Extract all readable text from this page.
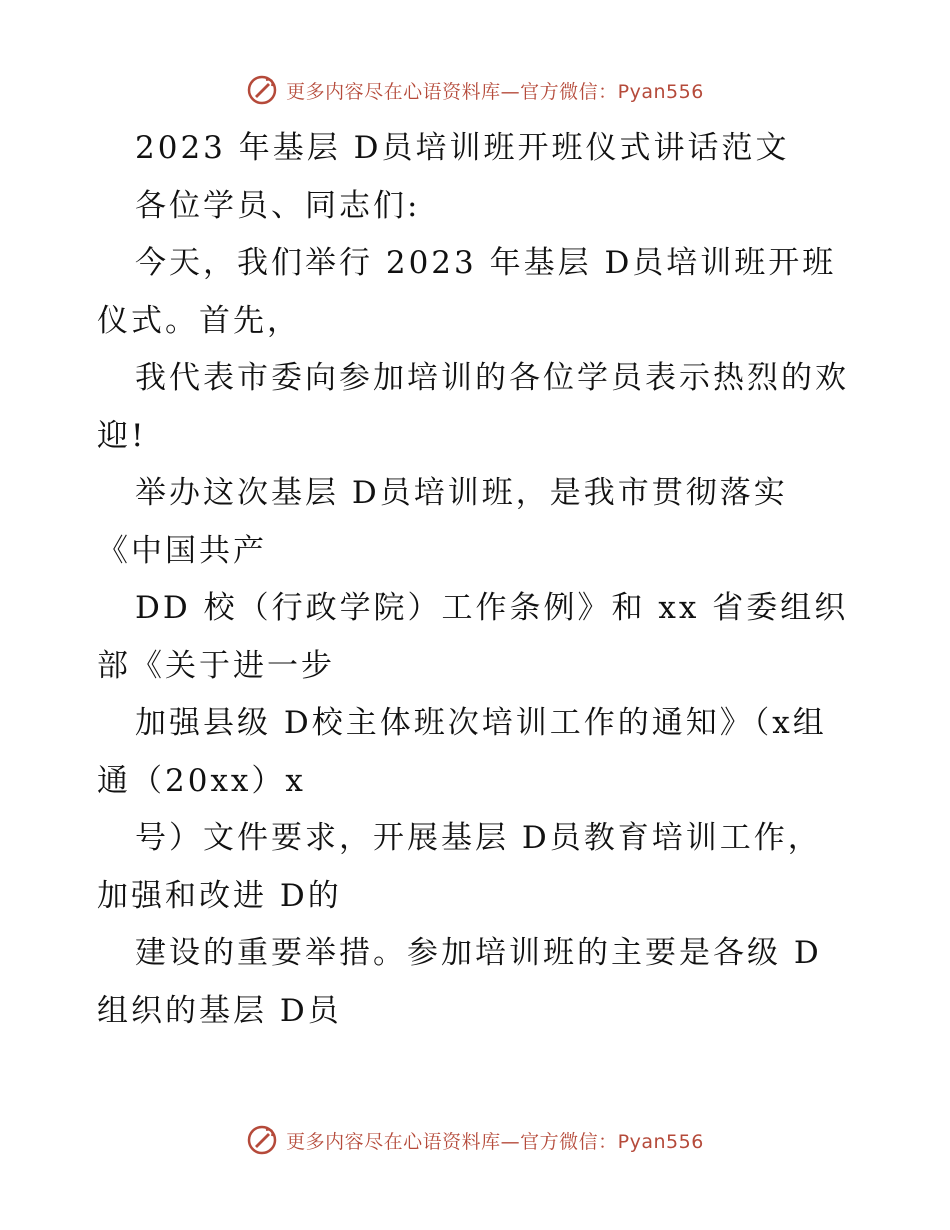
更多内容尽在心语资料库—官方微信：Pyan556
2023 年基层 D员培训班开班仪式讲话范文
各位学员、同志们:
今天，我们举行 2023 年基层 D员培训班开班
仪式。首先，
我代表市委向参加培训的各位学员表示热烈的欢
迎!
举办这次基层 D员培训班，是我市贯彻落实
《中国共产
DD 校（行政学院）工作条例》和 xx 省委组织
部《关于进一步
加强县级 D校主体班次培训工作的通知》（x组
通（20xx）x
号）文件要求，开展基层 D员教育培训工作，
加强和改进 D的
建设的重要举措。参加培训班的主要是各级 D
组织的基层 D员
更多内容尽在心语资料库—官方微信：Pyan556
